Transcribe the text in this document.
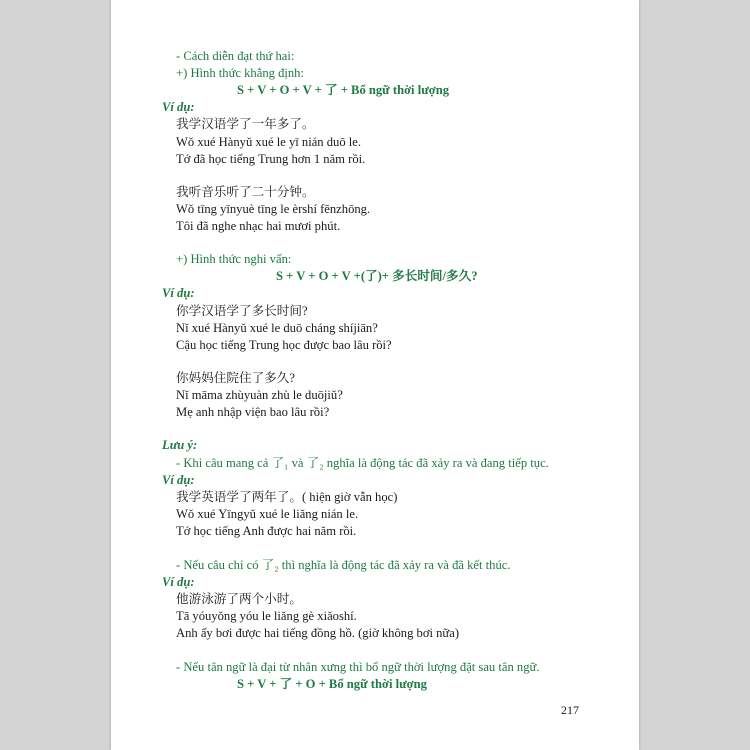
- Cách diễn đạt thứ hai:

+) Hình thức khẳng định:

S + V + O + V + 了 + Bổ ngữ thời lượng

Ví dụ:

我学汉语学了一年多了。

Wǒ xué Hànyǔ xué le yī nián duō le.

Tớ đã học tiếng Trung hơn 1 năm rồi.

我听音乐听了二十分钟。

Wǒ tīng yīnyuè tīng le èrshí fēnzhōng.

Tôi đã nghe nhạc hai mươi phút.

+) Hình thức nghi vấn:

S + V + O + V +(了)+ 多长时间/多久?

Ví dụ:

你学汉语学了多长时间?

Nǐ xué Hànyǔ xué le duō cháng shíjiān?

Cậu học tiếng Trung học được bao lâu rồi?

你妈妈住院住了多久?

Nǐ māma zhùyuàn zhù le duōjiǔ?

Mẹ anh nhập viện bao lâu rồi?

Lưu ý:

- Khi câu mang cả 了₁ và 了₂ nghĩa là động tác đã xảy ra và đang tiếp tục.

Ví dụ:

我学英语学了两年了。( hiện giờ vẫn học)

Wǒ xué Yīngyǔ xué le liǎng nián le.

Tớ học tiếng Anh được hai năm rồi.

- Nếu câu chỉ có 了₂ thì nghĩa là động tác đã xảy ra và đã kết thúc.

Ví dụ:

他游泳游了两个小时。

Tā yóuyǒng yóu le liǎng gè xiǎoshí.

Anh ấy bơi được hai tiếng đồng hồ. (giờ không bơi nữa)

- Nếu tân ngữ là đại từ nhân xưng thì bổ ngữ thời lượng đặt sau tân ngữ.

S + V + 了 + O + Bổ ngữ thời lượng

217
